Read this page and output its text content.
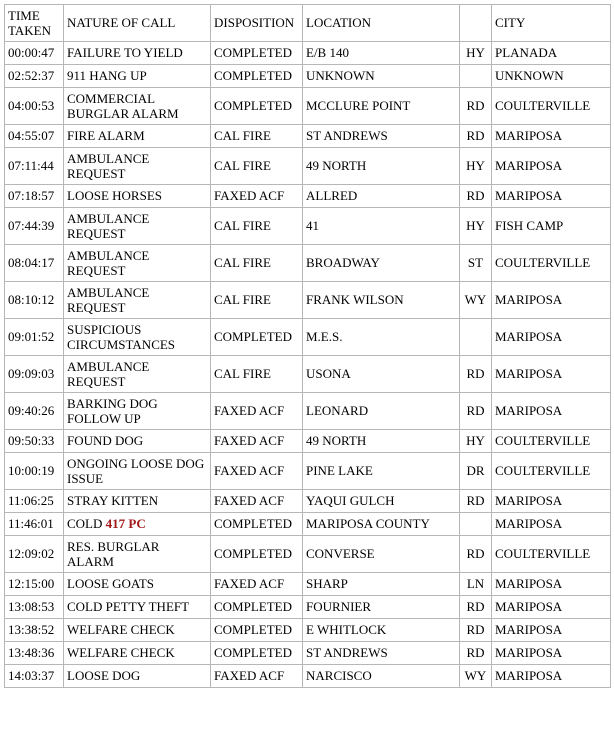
TIME TAKEN	NATURE OF CALL	DISPOSITION	LOCATION		CITY
00:00:47	FAILURE TO YIELD	COMPLETED	E/B 140	HY	PLANADA
02:52:37	911 HANG UP	COMPLETED	UNKNOWN		UNKNOWN
04:00:53	COMMERCIAL BURGLAR ALARM	COMPLETED	MCCLURE POINT	RD	COULTERVILLE
04:55:07	FIRE ALARM	CAL FIRE	ST ANDREWS	RD	MARIPOSA
07:11:44	AMBULANCE REQUEST	CAL FIRE	49 NORTH	HY	MARIPOSA
07:18:57	LOOSE HORSES	FAXED ACF	ALLRED	RD	MARIPOSA
07:44:39	AMBULANCE REQUEST	CAL FIRE	41	HY	FISH CAMP
08:04:17	AMBULANCE REQUEST	CAL FIRE	BROADWAY	ST	COULTERVILLE
08:10:12	AMBULANCE REQUEST	CAL FIRE	FRANK WILSON	WY	MARIPOSA
09:01:52	SUSPICIOUS CIRCUMSTANCES	COMPLETED	M.E.S.		MARIPOSA
09:09:03	AMBULANCE REQUEST	CAL FIRE	USONA	RD	MARIPOSA
09:40:26	BARKING DOG FOLLOW UP	FAXED ACF	LEONARD	RD	MARIPOSA
09:50:33	FOUND DOG	FAXED ACF	49 NORTH	HY	COULTERVILLE
10:00:19	ONGOING LOOSE DOG ISSUE	FAXED ACF	PINE LAKE	DR	COULTERVILLE
11:06:25	STRAY KITTEN	FAXED ACF	YAQUI GULCH	RD	MARIPOSA
11:46:01	COLD 417 PC	COMPLETED	MARIPOSA COUNTY		MARIPOSA
12:09:02	RES. BURGLAR ALARM	COMPLETED	CONVERSE	RD	COULTERVILLE
12:15:00	LOOSE GOATS	FAXED ACF	SHARP	LN	MARIPOSA
13:08:53	COLD PETTY THEFT	COMPLETED	FOURNIER	RD	MARIPOSA
13:38:52	WELFARE CHECK	COMPLETED	E WHITLOCK	RD	MARIPOSA
13:48:36	WELFARE CHECK	COMPLETED	ST ANDREWS	RD	MARIPOSA
14:03:37	LOOSE DOG	FAXED ACF	NARCISCO	WY	MARIPOSA
